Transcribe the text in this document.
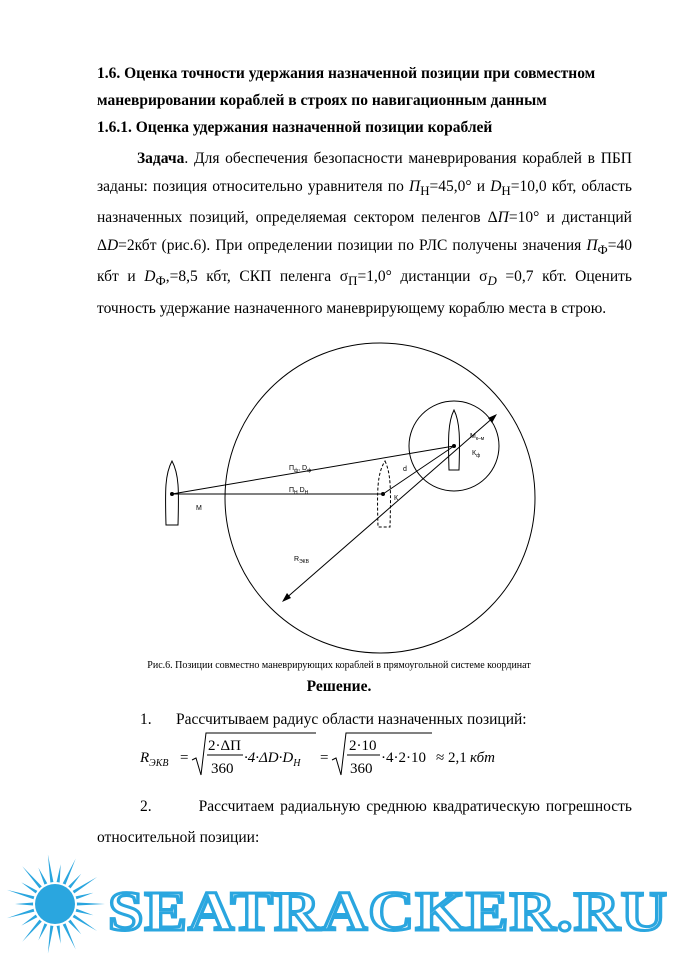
1.6. Оценка точности удержания назначенной позиции при совместном
маневрировании кораблей в строях по навигационным данным
1.6.1. Оценка удержания назначенной позиции кораблей
Задача. Для обеспечения безопасности маневрирования кораблей в ПБП заданы: позиция относительно уравнителя по $П_Н=45,0^\circ$ и $D_Н=10,0$ кбт, область назначенных позиций, определяемая сектором пеленгов ΔП=10° и дистанций ΔD=2кбт (рис.6). При определении позиции по РЛС получены значения $П_Ф=40$ кбт и $D_Ф,=8,5$ кбт, СКП пеленга $\sigma_П=1,0^\circ$ дистанции $\sigma_D =0,7$ кбт. Оценить точность удержание назначенного маневрирующему кораблю места в строю.
М
К
$К_ф$
$М_{к-м}$
d
$П_ф$, $D_ф$
$П_Н$ $D_Н$
$R_{ЭКВ}$
Рис.6. Позиции совместно маневрирующих кораблей в прямоугольной системе координат
Решение.
1. Рассчитываем радиус области назначенных позиций:
$R_{ЭКВ}$ =
2·ΔП
360
$\cdot 4\cdot\Delta D\cdot D_H$ =
2·10
360
·4·2·10 ≈ 2,1 кбт
2.	Рассчитаем радиальную среднюю квадратическую погрешность относительной позиции:
SEATRACKER.RU
